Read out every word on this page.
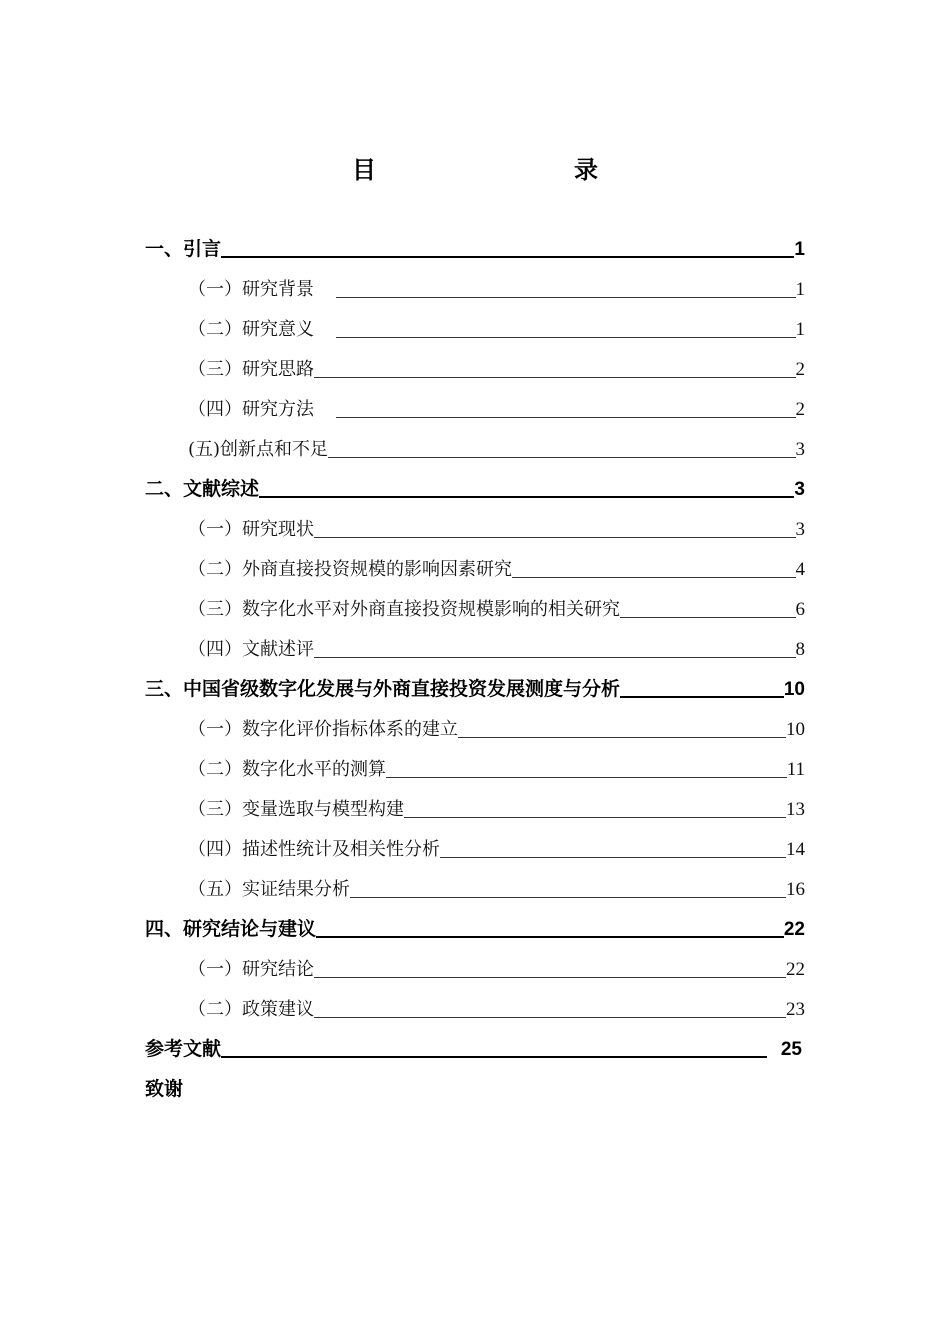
目　　录
一、引言	1
（一）研究背景	1
（二）研究意义	1
（三）研究思路	2
（四）研究方法	2
(五)创新点和不足	3
二、文献综述	3
（一）研究现状	3
（二）外商直接投资规模的影响因素研究	4
（三）数字化水平对外商直接投资规模影响的相关研究	6
（四）文献述评	8
三、中国省级数字化发展与外商直接投资发展测度与分析	10
（一）数字化评价指标体系的建立	10
（二）数字化水平的测算	11
（三）变量选取与模型构建	13
（四）描述性统计及相关性分析	14
（五）实证结果分析	16
四、研究结论与建议	22
（一）研究结论	22
（二）政策建议	23
参考文献	25
致谢
